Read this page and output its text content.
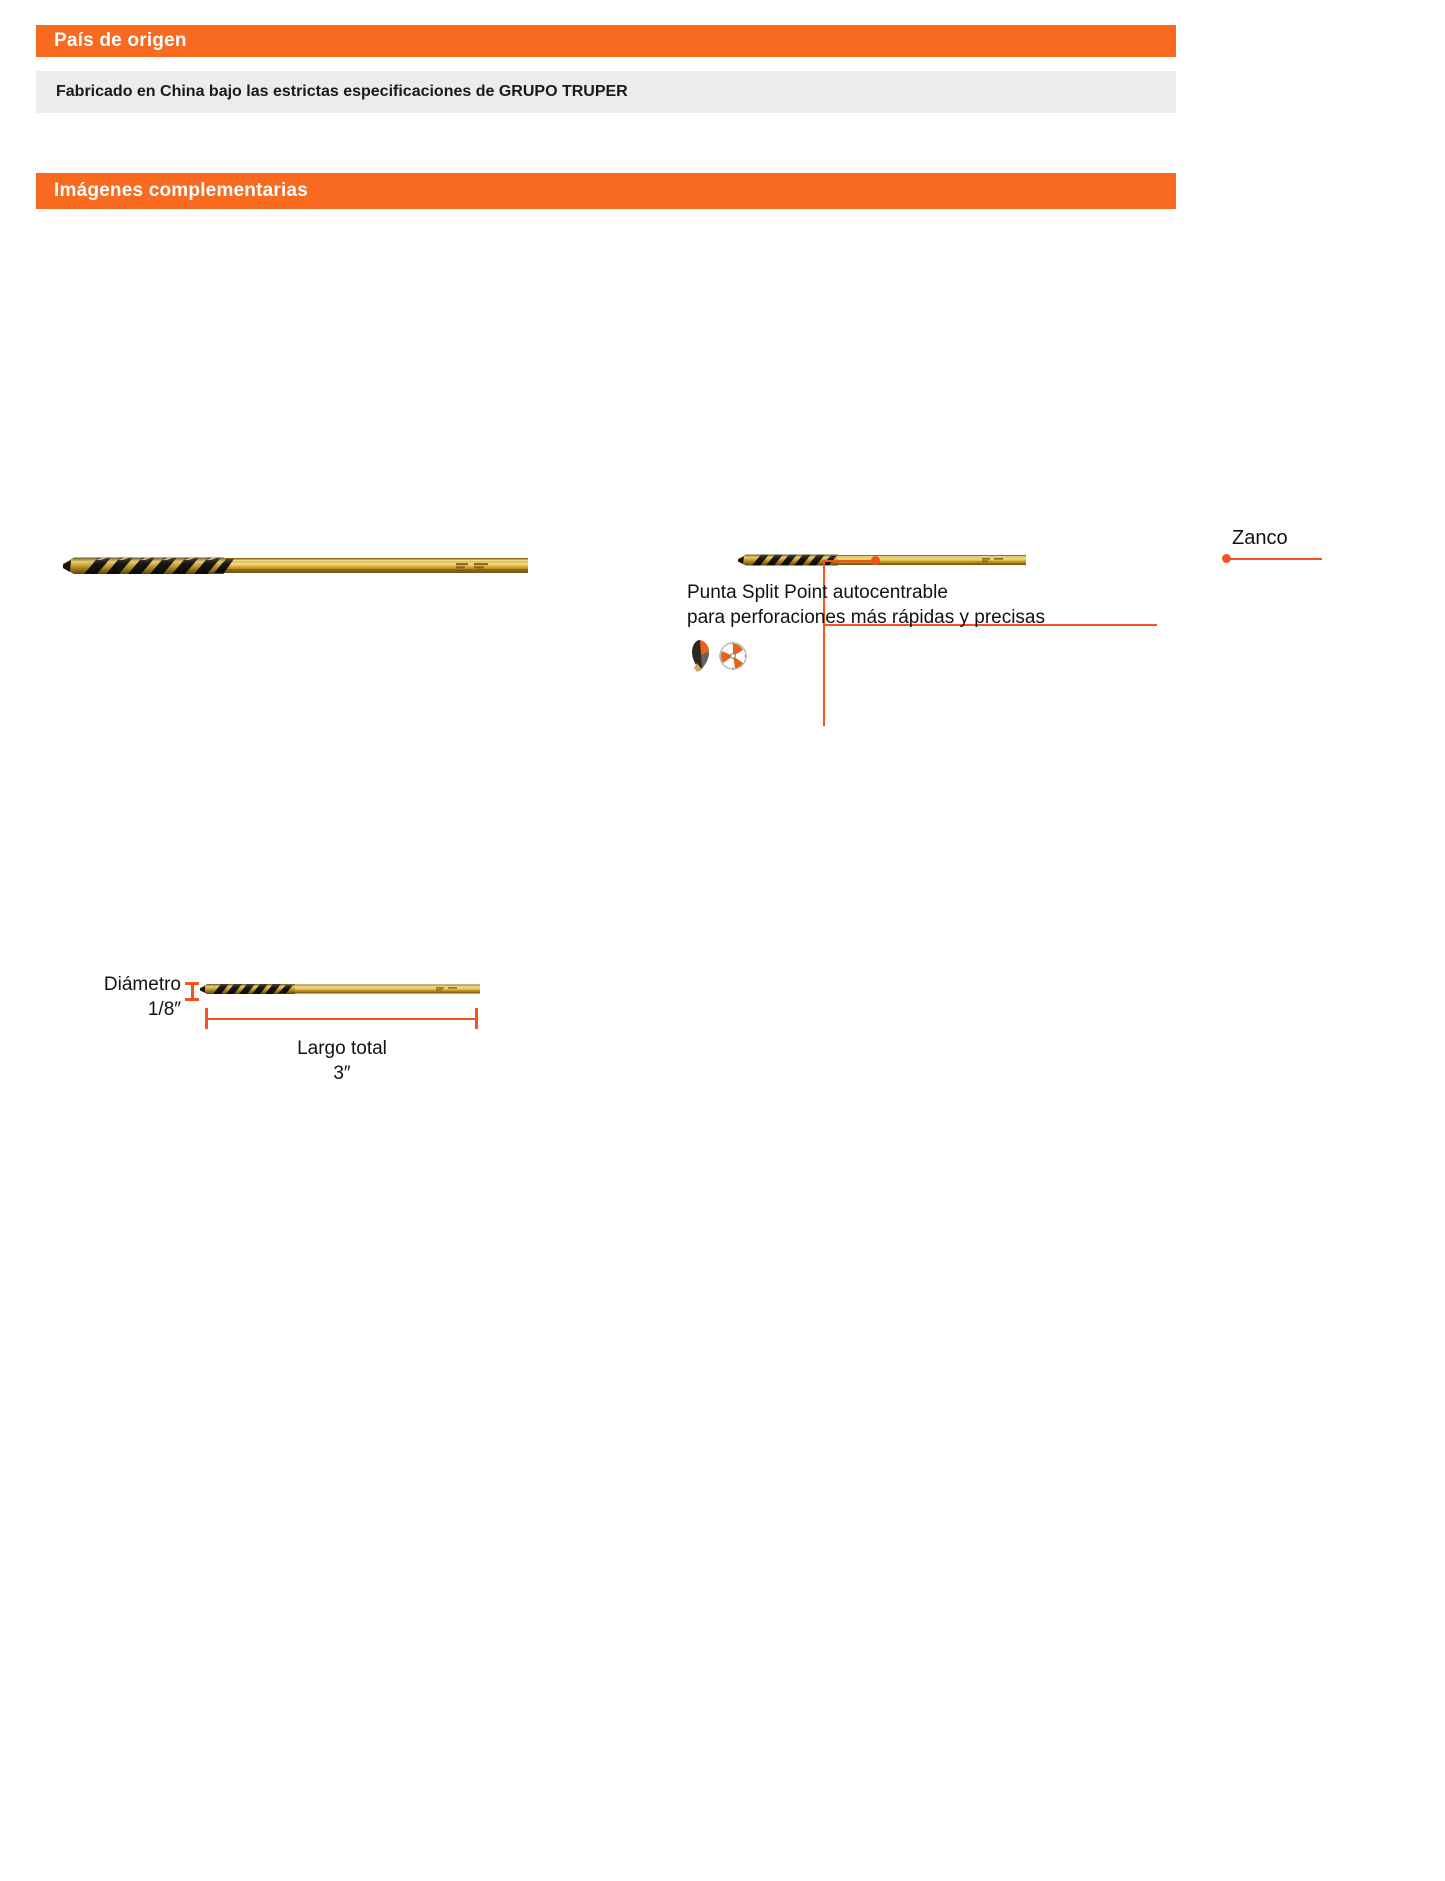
País de origen
Fabricado en China bajo las estrictas especificaciones de GRUPO TRUPER
Imágenes complementarias
Zanco
Punta Split Point autocentrable
para perforaciones más rápidas y precisas
Diámetro
1/8″
Largo total
3″
